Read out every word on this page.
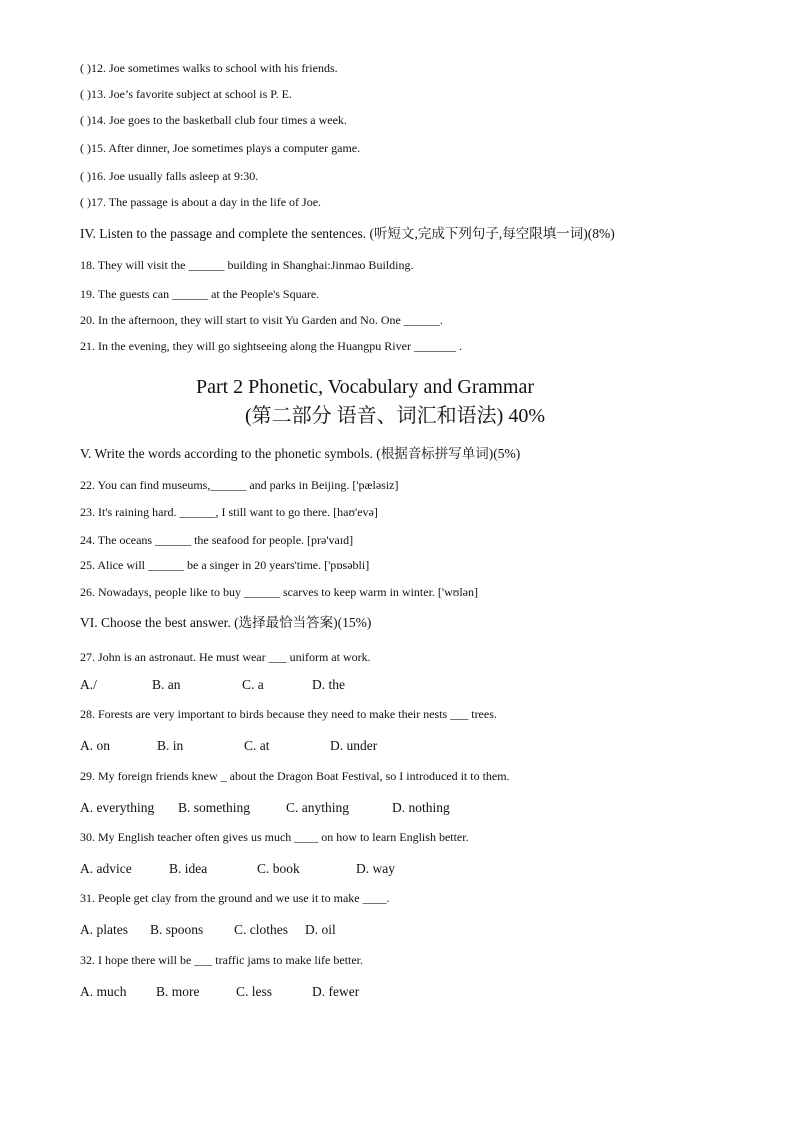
( )12. Joe sometimes walks to school with his friends.
( )13. Joe’s favorite subject at school is P. E.
( )14. Joe goes to the basketball club four times a week.
( )15. After dinner, Joe sometimes plays a computer game.
( )16. Joe usually falls asleep at 9:30.
( )17. The passage is about a day in the life of Joe.
IV. Listen to the passage and complete the sentences. (听短文,完成下列句子,每空限填一词)(8%)
18. They will visit the ______ building in Shanghai:Jinmao Building.
19. The guests can ______ at the People's Square.
20. In the afternoon, they will start to visit Yu Garden and No. One ______.
21. In the evening, they will go sightseeing along the Huangpu River _______ .
Part 2 Phonetic, Vocabulary and Grammar
(第二部分 语音、词汇和语法) 40%
V. Write the words according to the phonetic symbols. (根据音标拼写单词)(5%)
22. You can find museums,______ and parks in Beijing. ['pæləsiz]
23. It's raining hard. ______, I still want to go there. [haʊ'evə]
24. The oceans ______ the seafood for people. [prə'vaɪd]
25. Alice will ______ be a singer in 20 years'time. ['pɒsəbli]
26. Nowadays, people like to buy ______ scarves to keep warm in winter. ['wʊlən]
VI. Choose the best answer. (选择最恰当答案)(15%)
27. John is an astronaut. He must wear ___ uniform at work.
A./	B. an	C. a	D. the
28. Forests are very important to birds because they need to make their nests ___ trees.
A. on	B. in	C. at	D. under
29. My foreign friends knew _ about the Dragon Boat Festival, so I introduced it to them.
A. everything B. something	C. anything	D. nothing
30. My English teacher often gives us much ____ on how to learn English better.
A. advice	B. idea	C. book	D. way
31. People get clay from the ground and we use it to make ____.
A. plates B. spoons C. clothes D. oil
32. I hope there will be ___ traffic jams to make life better.
A. much B. more	C. less	D. fewer
